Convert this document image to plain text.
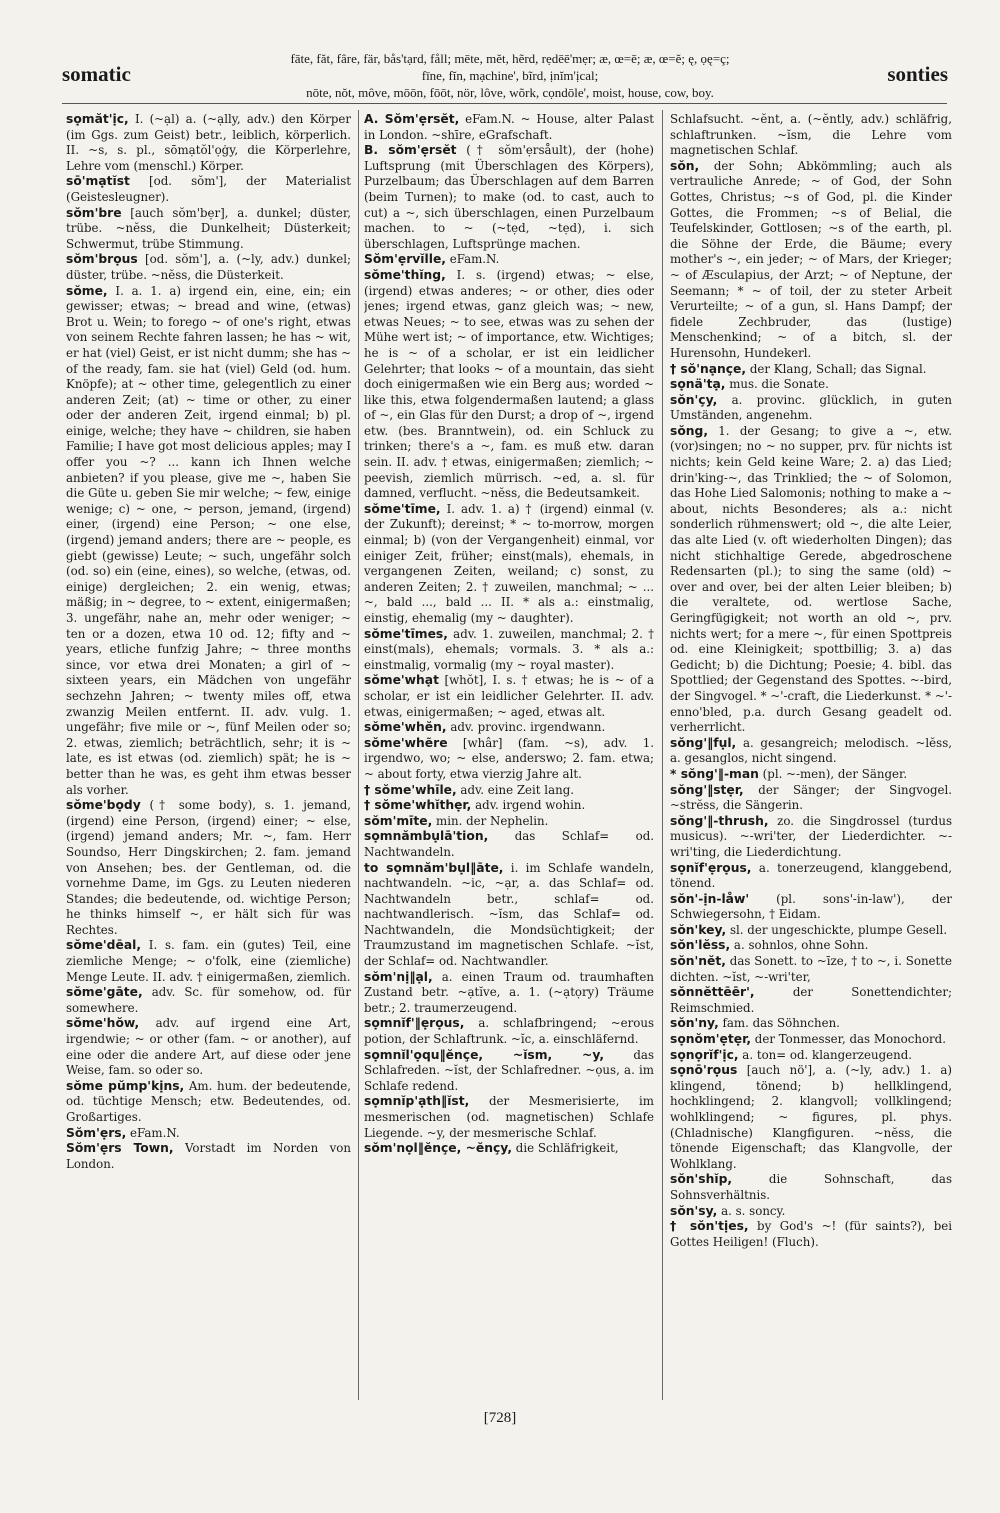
somatic
fāte, făt, fâre, fär, bås'tạrd, fåll; mēte, mĕt, hẽrd, rẹdēē'mẹr; æ, œ=ē; æ, œ=ĕ; ę, ọę=ç;
fīne, fĭn, mạchine', bĩrd, ịnĭm'ịcal;
nōte, nŏt, môve, mōōn, fōōt, nör, lôve, wõrk, cọndōle', moist, house, cow, boy.
sonties

sọmăt'ịc, I. (~ạl) a. (~ạlly, adv.) den Körper (im Ggs. zum Geist) betr., leiblich, körperlich. II. ~s, s. pl., sōmạtŏl'ọġy, die Körperlehre, Lehre vom (menschl.) Körper.

sō'mạtĭst [od. sŏm'], der Materialist (Geistesleugner).

sŏm'bre [auch sŏm'bẹr], a. dunkel; düster, trübe. ~nĕss, die Dunkelheit; Düsterkeit; Schwermut, trübe Stimmung.

sŏm'brọus [od. sŏm'], a. (~ly, adv.) dunkel; düster, trübe. ~nĕss, die Düsterkeit.

sŏme, I. a. 1. a) irgend ein, eine, ein; ein gewisser; etwas; ~ bread and wine, (etwas) Brot u. Wein; to forego ~ of one's right, etwas von seinem Rechte fahren lassen; he has ~ wit, er hat (viel) Geist, er ist nicht dumm; she has ~ of the ready, fam. sie hat (viel) Geld (od. hum. Knöpfe); at ~ other time, gelegentlich zu einer anderen Zeit; (at) ~ time or other, zu einer oder der anderen Zeit, irgend einmal; b) pl. einige, welche; they have ~ children, sie haben Familie; I have got most delicious apples; may I offer you ~? ... kann ich Ihnen welche anbieten? if you please, give me ~, haben Sie die Güte u. geben Sie mir welche; ~ few, einige wenige; c) ~ one, ~ person, jemand, (irgend) einer, (irgend) eine Person; ~ one else, (irgend) jemand anders; there are ~ people, es giebt (gewisse) Leute; ~ such, ungefähr solch (od. so) ein (eine, eines), so welche, (etwas, od. einige) dergleichen; 2. ein wenig, etwas; mäßig; in ~ degree, to ~ extent, einigermaßen; 3. ungefähr, nahe an, mehr oder weniger; ~ ten or a dozen, etwa 10 od. 12; fifty and ~ years, etliche funfzig Jahre; ~ three months since, vor etwa drei Monaten; a girl of ~ sixteen years, ein Mädchen von ungefähr sechzehn Jahren; ~ twenty miles off, etwa zwanzig Meilen entfernt. II. adv. vulg. 1. ungefähr; five mile or ~, fünf Meilen oder so; 2. etwas, ziemlich; beträchtlich, sehr; it is ~ late, es ist etwas (od. ziemlich) spät; he is ~ better than he was, es geht ihm etwas besser als vorher.

sŏme'bọdy († some body), s. 1. jemand, (irgend) eine Person, (irgend) einer; ~ else, (irgend) jemand anders; Mr. ~, fam. Herr Soundso, Herr Dingskirchen; 2. fam. jemand von Ansehen; bes. der Gentleman, od. die vornehme Dame, im Ggs. zu Leuten niederen Standes; die bedeutende, od. wichtige Person; he thinks himself ~, er hält sich für was Rechtes.

sŏme'dēal, I. s. fam. ein (gutes) Teil, eine ziemliche Menge; ~ o'folk, eine (ziemliche) Menge Leute. II. adv. † einigermaßen, ziemlich.

sŏme'gāte, adv. Sc. für somehow, od. für somewhere.

sŏme'hŏw, adv. auf irgend eine Art, irgendwie; ~ or other (fam. ~ or another), auf eine oder die andere Art, auf diese oder jene Weise, fam. so oder so.

sŏme pŭmp'kịns, Am. hum. der bedeutende, od. tüchtige Mensch; etw. Bedeutendes, od. Großartiges.

Sŏm'ẹrs, eFam.N.

Sŏm'ẹrs Town, Vorstadt im Norden von London.

A. Sŏm'ẹrsĕt, eFam.N. ~ House, alter Palast in London. ~shīre, eGrafschaft.

B. sŏm'ẹrsĕt († sŏm'ẹrsåult), der (hohe) Luftsprung (mit Überschlagen des Körpers), Purzelbaum; das Überschlagen auf dem Barren (beim Turnen); to make (od. to cast, auch to cut) a ~, sich überschlagen, einen Purzelbaum machen. to ~ (~tẹd, ~tẹd), i. sich überschlagen, Luftsprünge machen.

Sŏm'ẹrvĭlle, eFam.N.

sŏme'thĭng, I. s. (irgend) etwas; ~ else, (irgend) etwas anderes; ~ or other, dies oder jenes; irgend etwas, ganz gleich was; ~ new, etwas Neues; ~ to see, etwas was zu sehen der Mühe wert ist; ~ of importance, etw. Wichtiges; he is ~ of a scholar, er ist ein leidlicher Gelehrter; that looks ~ of a mountain, das sieht doch einigermaßen wie ein Berg aus; worded ~ like this, etwa folgendermaßen lautend; a glass of ~, ein Glas für den Durst; a drop of ~, irgend etw. (bes. Branntwein), od. ein Schluck zu trinken; there's a ~, fam. es muß etw. daran sein. II. adv. † etwas, einigermaßen; ziemlich; ~ peevish, ziemlich mürrisch. ~ed, a. sl. für damned, verflucht. ~nĕss, die Bedeutsamkeit.

sŏme'tīme, I. adv. 1. a) † (irgend) einmal (v. der Zukunft); dereinst; * ~ to-morrow, morgen einmal; b) (von der Vergangenheit) einmal, vor einiger Zeit, früher; einst(mals), ehemals, in vergangenen Zeiten, weiland; c) sonst, zu anderen Zeiten; 2. † zuweilen, manchmal; ~ ... ~, bald ..., bald ... II. * als a.: einstmalig, einstig, ehemalig (my ~ daughter).

sŏme'tīmes, adv. 1. zuweilen, manchmal; 2. † einst(mals), ehemals; vormals. 3. * als a.: einstmalig, vormalig (my ~ royal master).

sŏme'whạt [whŏt], I. s. † etwas; he is ~ of a scholar, er ist ein leidlicher Gelehrter. II. adv. etwas, einigermaßen; ~ aged, etwas alt.

sŏme'whĕn, adv. provinc. irgendwann.

sŏme'whẽre [whâr] (fam. ~s), adv. 1. irgendwo, wo; ~ else, anderswo; 2. fam. etwa; ~ about forty, etwa vierzig Jahre alt.

† sŏme'whīle, adv. eine Zeit lang.

† sŏme'whĭthẹr, adv. irgend wohin.

sŏm'mīte, min. der Nephelin.

sọmnămbụlā'tion, das Schlaf= od. Nachtwandeln.

to sọmnăm'bụl‖āte, i. im Schlafe wandeln, nachtwandeln. ~ic, ~ạr, a. das Schlaf= od. Nachtwandeln betr., schlaf= od. nachtwandlerisch. ~ĭsm, das Schlaf= od. Nachtwandeln, die Mondsüchtigkeit; der Traumzustand im magnetischen Schlafe. ~ĭst, der Schlaf= od. Nachtwandler.

sŏm'nị‖ạl, a. einen Traum od. traumhaften Zustand betr. ~ạtĭve, a. 1. (~ạtọry) Träume betr.; 2. traumerzeugend.

sọmnĭf'‖ẹrọus, a. schlafbringend; ~erous potion, der Schlaftrunk. ~ĭc, a. einschläfernd.

sọmnĭl'ọqu‖ĕnçe, ~ĭsm, ~y, das Schlafreden. ~ĭst, der Schlafredner. ~ọus, a. im Schlafe redend.

sọmnĭp'ạth‖ĭst, der Mesmerisierte, im mesmerischen (od. magnetischen) Schlafe Liegende. ~y, der mesmerische Schlaf.

sŏm'nọl‖ĕnçe, ~ĕnçy, die Schläfrigkeit,

Schlafsucht. ~ĕnt, a. (~ĕntly, adv.) schläfrig, schlaftrunken. ~ĭsm, die Lehre vom magnetischen Schlaf.

sŏn, der Sohn; Abkömmling; auch als vertrauliche Anrede; ~ of God, der Sohn Gottes, Christus; ~s of God, pl. die Kinder Gottes, die Frommen; ~s of Belial, die Teufelskinder, Gottlosen; ~s of the earth, pl. die Söhne der Erde, die Bäume; every mother's ~, ein jeder; ~ of Mars, der Krieger; ~ of Æsculapius, der Arzt; ~ of Neptune, der Seemann; * ~ of toil, der zu steter Arbeit Verurteilte; ~ of a gun, sl. Hans Dampf; der fidele Zechbruder, das (lustige) Menschenkind; ~ of a bitch, sl. der Hurensohn, Hundekerl.

† sŏ'nạnçe, der Klang, Schall; das Signal.

sọnä'tạ, mus. die Sonate.

sŏn'çy, a. provinc. glücklich, in guten Umständen, angenehm.

sŏng, 1. der Gesang; to give a ~, etw. (vor)singen; no ~ no supper, prv. für nichts ist nichts; kein Geld keine Ware; 2. a) das Lied; drin'king-~, das Trinklied; the ~ of Solomon, das Hohe Lied Salomonis; nothing to make a ~ about, nichts Besonderes; als a.: nicht sonderlich rühmenswert; old ~, die alte Leier, das alte Lied (v. oft wiederholten Dingen); das nicht stichhaltige Gerede, abgedroschene Redensarten (pl.); to sing the same (old) ~ over and over, bei der alten Leier bleiben; b) die veraltete, od. wertlose Sache, Geringfügigkeit; not worth an old ~, prv. nichts wert; for a mere ~, für einen Spottpreis od. eine Kleinigkeit; spottbillig; 3. a) das Gedicht; b) die Dichtung; Poesie; 4. bibl. das Spottlied; der Gegenstand des Spottes. ~-bird, der Singvogel. * ~'-craft, die Liederkunst. * ~'-enno'bled, p.a. durch Gesang geadelt od. verherrlicht.

sŏng'‖fụl, a. gesangreich; melodisch. ~lĕss, a. gesanglos, nicht singend.

* sŏng'‖-man (pl. ~-men), der Sänger.

sŏng'‖stẹr, der Sänger; der Singvogel. ~strĕss, die Sängerin.

sŏng'‖-thrush, zo. die Singdrossel (turdus musicus). ~-wri'ter, der Liederdichter. ~-wri'ting, die Liederdichtung.

sọnĭf'ẹrọus, a. tonerzeugend, klanggebend, tönend.

sŏn'-ịn-låw' (pl. sons'-in-law'), der Schwiegersohn, † Eidam.

sŏn'key, sl. der ungeschickte, plumpe Gesell.

sŏn'lĕss, a. sohnlos, ohne Sohn.

sŏn'nĕt, das Sonett. to ~īze, † to ~, i. Sonette dichten. ~ĭst, ~-wri'ter,

sŏnnĕttēēr',	der Sonettendichter; Reimschmied.

sŏn'ny, fam. das Söhnchen.

sọnŏm'ẹtẹr, der Tonmesser, das Monochord.

sọnọrĭf'ịc, a. ton= od. klangerzeugend.

sọnō'rọus [auch nö'], a. (~ly, adv.) 1. a) klingend, tönend; b) hellklingend, hochklingend; 2. klangvoll; vollklingend; wohlklingend; ~ figures, pl. phys. (Chladnische) Klangfiguren. ~nĕss, die tönende Eigenschaft; das Klangvolle, der Wohlklang.

sŏn'shĭp,	die Sohnschaft, das Sohnsverhältnis.

sŏn'sy, a. s. soncy.

† sŏn'tịes, by God's ~! (für saints?), bei Gottes Heiligen! (Fluch).

[728]
